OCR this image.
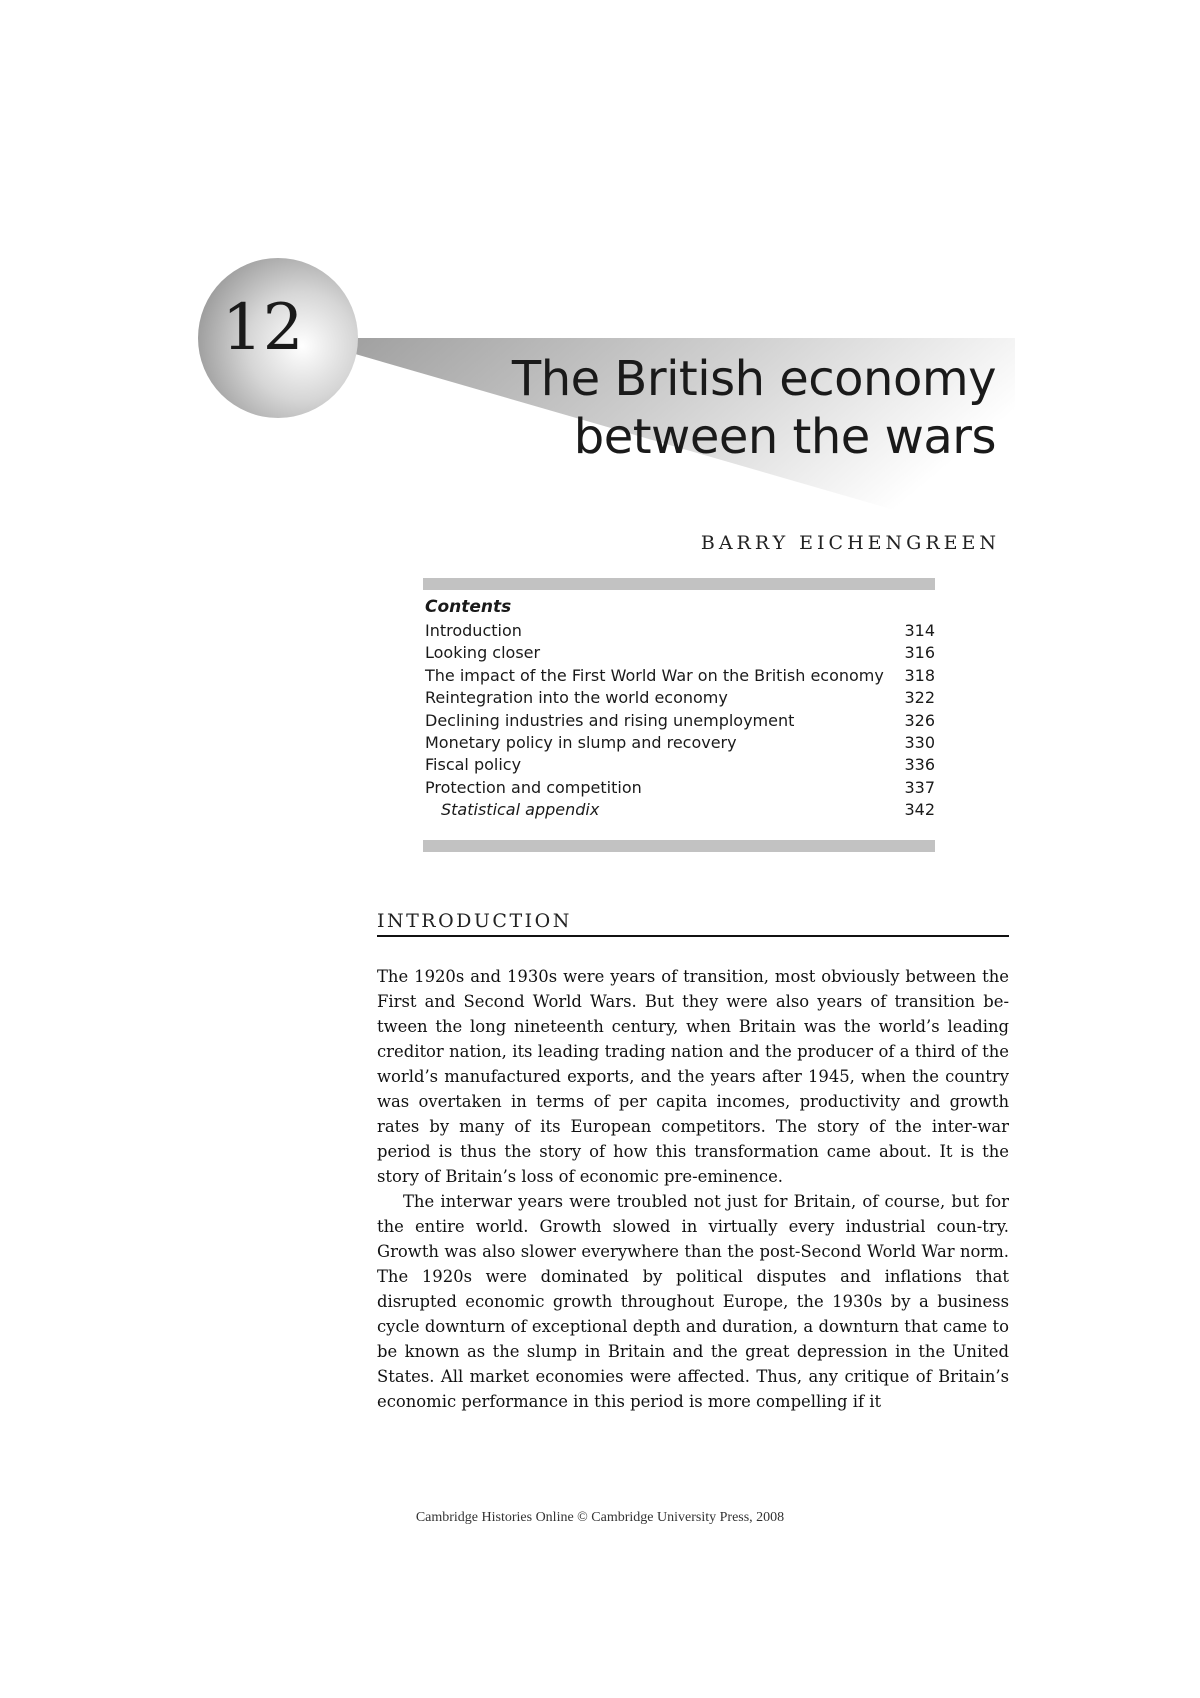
12
The British economy
between the wars
BARRY EICHENGREEN
Contents
Introduction	314
Looking closer	316
The impact of the First World War on the British economy 318
Reintegration into the world economy	322
Declining industries and rising unemployment	326
Monetary policy in slump and recovery	330
Fiscal policy	336
Protection and competition	337
Statistical appendix	342
INTRODUCTION

The 1920s and 1930s were years of transition, most obviously between the First and Second World Wars. But they were also years of transition be-tween the long nineteenth century, when Britain was the world’s leading creditor nation, its leading trading nation and the producer of a third of the world’s manufactured exports, and the years after 1945, when the country was overtaken in terms of per capita incomes, productivity and growth rates by many of its European competitors. The story of the inter-war period is thus the story of how this transformation came about. It is the story of Britain’s loss of economic pre-eminence.

The interwar years were troubled not just for Britain, of course, but for the entire world. Growth slowed in virtually every industrial coun-try. Growth was also slower everywhere than the post-Second World War norm. The 1920s were dominated by political disputes and inflations that disrupted economic growth throughout Europe, the 1930s by a business cycle downturn of exceptional depth and duration, a downturn that came to be known as the slump in Britain and the great depression in the United States. All market economies were affected. Thus, any critique of Britain’s economic performance in this period is more compelling if it

Cambridge Histories Online © Cambridge University Press, 2008
